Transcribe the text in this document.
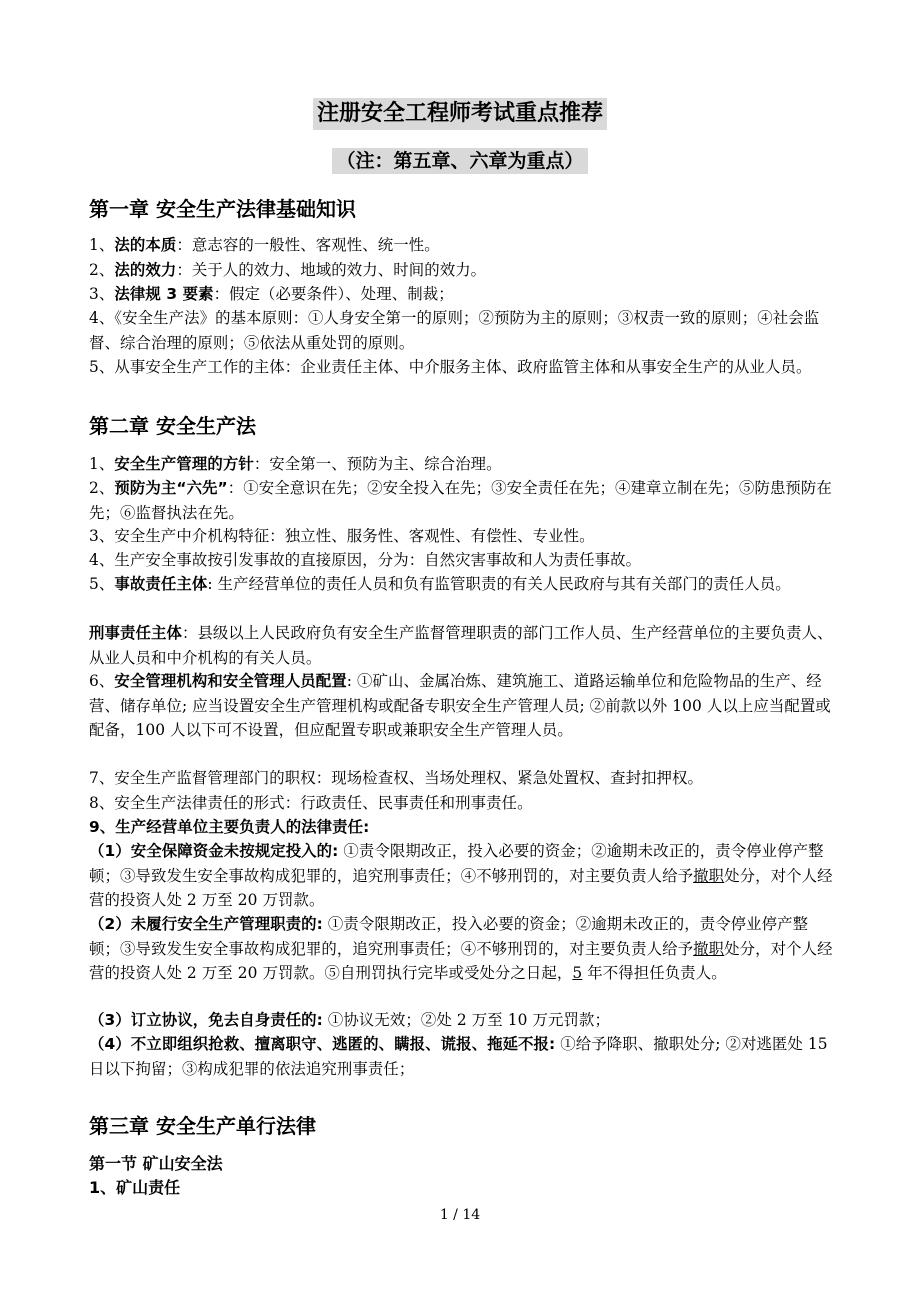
注册安全工程师考试重点推荐
（注：第五章、六章为重点）
第一章 安全生产法律基础知识
1、法的本质：意志容的一般性、客观性、统一性。
2、法的效力：关于人的效力、地域的效力、时间的效力。
3、法律规 3 要素：假定（必要条件）、处理、制裁；
4、《安全生产法》的基本原则：①人身安全第一的原则；②预防为主的原则；③权责一致的原则；④社会监督、综合治理的原则；⑤依法从重处罚的原则。
5、从事安全生产工作的主体：企业责任主体、中介服务主体、政府监管主体和从事安全生产的从业人员。
第二章 安全生产法
1、安全生产管理的方针：安全第一、预防为主、综合治理。
2、预防为主“六先”：①安全意识在先；②安全投入在先；③安全责任在先；④建章立制在先；⑤防患预防在先；⑥监督执法在先。
3、安全生产中介机构特征：独立性、服务性、客观性、有偿性、专业性。
4、生产安全事故按引发事故的直接原因，分为：自然灾害事故和人为责任事故。
5、事故责任主体: 生产经营单位的责任人员和负有监管职责的有关人民政府与其有关部门的责任人员。
刑事责任主体：县级以上人民政府负有安全生产监督管理职责的部门工作人员、生产经营单位的主要负责人、从业人员和中介机构的有关人员。
6、安全管理机构和安全管理人员配置: ①矿山、金属冶炼、建筑施工、道路运输单位和危险物品的生产、经营、储存单位; 应当设置安全生产管理机构或配备专职安全生产管理人员; ②前款以外 100 人以上应当配置或配备，100 人以下可不设置，但应配置专职或兼职安全生产管理人员。
7、安全生产监督管理部门的职权：现场检查权、当场处理权、紧急处置权、查封扣押权。
8、安全生产法律责任的形式：行政责任、民事责任和刑事责任。
9、生产经营单位主要负责人的法律责任:
（1）安全保障资金未按规定投入的: ①责令限期改正，投入必要的资金；②逾期未改正的，责令停业停产整顿；③导致发生安全事故构成犯罪的，追究刑事责任；④不够刑罚的，对主要负责人给予撤职处分，对个人经营的投资人处 2 万至 20 万罚款。
（2）未履行安全生产管理职责的: ①责令限期改正，投入必要的资金；②逾期未改正的，责令停业停产整顿；③导致发生安全事故构成犯罪的，追究刑事责任；④不够刑罚的，对主要负责人给予撤职处分，对个人经营的投资人处 2 万至 20 万罚款。⑤自刑罚执行完毕或受处分之日起，5 年不得担任负责人。
（3）订立协议，免去自身责任的: ①协议无效；②处 2 万至 10 万元罚款；
（4）不立即组织抢救、擅离职守、逃匿的、瞒报、谎报、拖延不报: ①给予降职、撤职处分; ②对逃匿处 15 日以下拘留；③构成犯罪的依法追究刑事责任；
第三章 安全生产单行法律
第一节 矿山安全法
1、矿山责任
1 / 14
